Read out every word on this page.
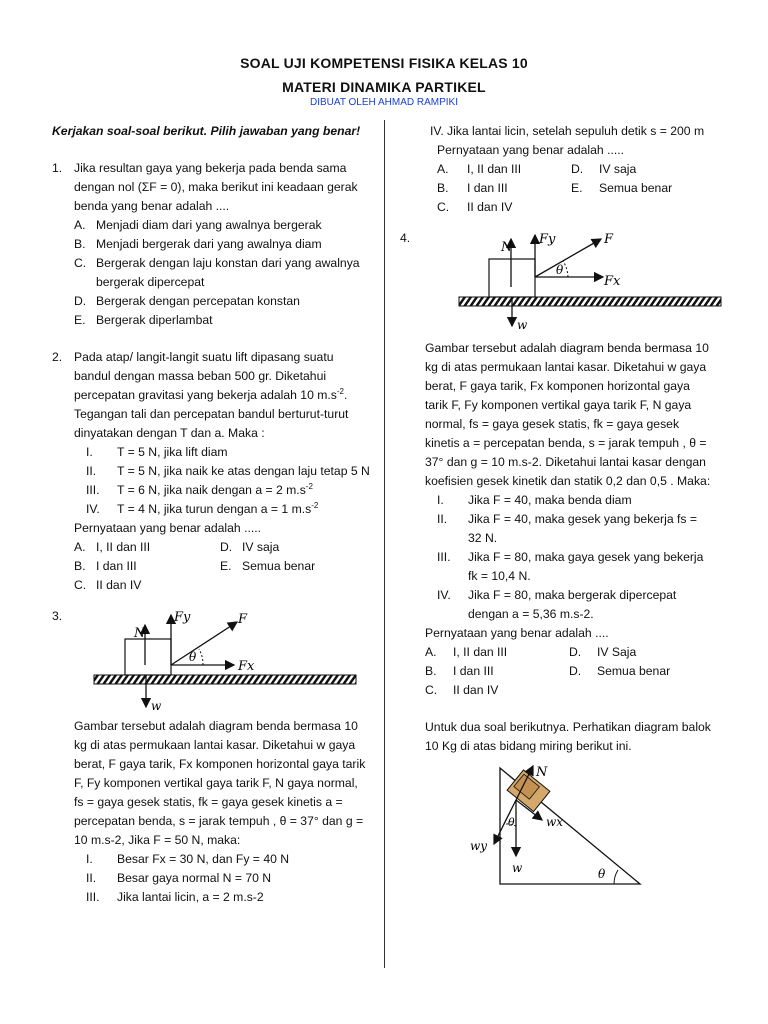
SOAL UJI KOMPETENSI FISIKA KELAS 10
MATERI DINAMIKA PARTIKEL
DIBUAT OLEH AHMAD RAMPIKI
Kerjakan soal-soal berikut. Pilih jawaban yang benar!
1. Jika resultan gaya yang bekerja pada benda sama dengan nol (ΣF = 0), maka berikut ini keadaan gerak benda yang benar adalah ....
A. Menjadi diam dari yang awalnya bergerak
B. Menjadi bergerak dari yang awalnya diam
C. Bergerak dengan laju konstan dari yang awalnya bergerak dipercepat
D. Bergerak dengan percepatan konstan
E. Bergerak diperlambat
2. Pada atap/ langit-langit suatu lift dipasang suatu bandul dengan massa beban 500 gr. Diketahui percepatan gravitasi yang bekerja adalah 10 $m.s^{-2}$. Tegangan tali dan percepatan bandul berturut-turut dinyatakan dengan T dan a. Maka :
I. T = 5 N, jika lift diam
II. T = 5 N, jika naik ke atas dengan laju tetap 5 N
III. T = 6 N, jika naik dengan a = 2 $m.s^{-2}$
IV. T = 4 N, jika turun dengan a = 1 $m.s^{-2}$
Pernyataan yang benar adalah .....
A. I, II dan III	D. IV saja
B. I dan III	E. Semua benar
C. II dan IV
3.
N
Fy	F
θ
Fx
w
Gambar tersebut adalah diagram benda bermasa 10 kg di atas permukaan lantai kasar. Diketahui w gaya berat, F gaya tarik, Fx komponen horizontal gaya tarik F, Fy komponen vertikal gaya tarik F, N gaya normal, fs = gaya gesek statis, fk = gaya gesek kinetis a = percepatan benda, s = jarak tempuh , θ = 37° dan g = 10 m.s-2, Jika F = 50 N, maka:
I. Besar Fx = 30 N, dan Fy = 40 N
II. Besar gaya normal N = 70 N
III. Jika lantai licin, a = 2 m.s-2
IV. Jika lantai licin, setelah sepuluh detik s = 200 m
Pernyataan yang benar adalah .....
A.	I, II dan III	D.	IV saja
B.	I dan III	E.	Semua benar
C.	II dan IV
4.
N
Fy	F
θ
Fx
w
Gambar tersebut adalah diagram benda bermasa 10 kg di atas permukaan lantai kasar. Diketahui w gaya berat, F gaya tarik, Fx komponen horizontal gaya tarik F, Fy komponen vertikal gaya tarik F, N gaya normal, fs = gaya gesek statis, fk = gaya gesek kinetis a = percepatan benda, s = jarak tempuh , θ = 37° dan g = 10 m.s-2. Diketahui lantai kasar dengan koefisien gesek kinetik dan statik 0,2 dan 0,5 . Maka:
I. Jika F = 40, maka benda diam
II. Jika F = 40, maka gesek yang bekerja fs = 32 N.
III. Jika F = 80, maka gaya gesek yang bekerja fk = 10,4 N.
IV. Jika F = 80, maka bergerak dipercepat dengan a = 5,36 m.s-2.
Pernyataan yang benar adalah ....
A.	I, II dan III	D.	IV Saja
B.	I dan III	D.	Semua benar
C.	II dan IV
Untuk dua soal berikutnya. Perhatikan diagram balok 10 Kg di atas bidang miring berikut ini.
N
wx
wy
w
θ
θ
